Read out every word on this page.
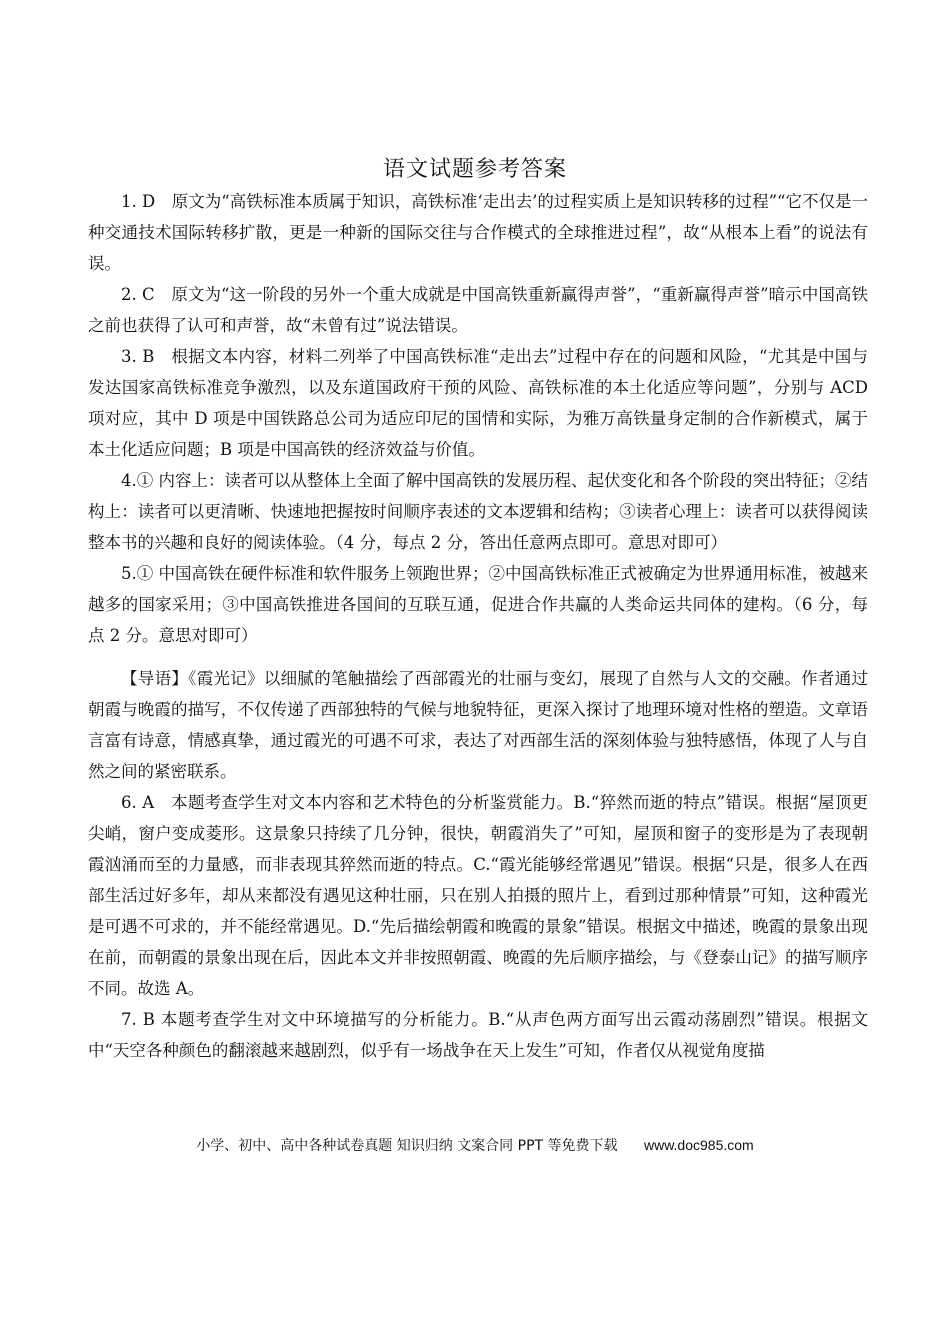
语文试题参考答案

1. D　原文为“高铁标准本质属于知识，高铁标准‘走出去’的过程实质上是知识转移的过程”“它不仅是一种交通技术国际转移扩散，更是一种新的国际交往与合作模式的全球推进过程”，故“从根本上看”的说法有误。

2. C　原文为“这一阶段的另外一个重大成就是中国高铁重新赢得声誉”，“重新赢得声誉”暗示中国高铁之前也获得了认可和声誉，故“未曾有过”说法错误。

3. B　根据文本内容，材料二列举了中国高铁标准“走出去”过程中存在的问题和风险，“尤其是中国与发达国家高铁标准竞争激烈，以及东道国政府干预的风险、高铁标准的本土化适应等问题”，分别与 ACD 项对应，其中 D 项是中国铁路总公司为适应印尼的国情和实际，为雅万高铁量身定制的合作新模式，属于本土化适应问题；B 项是中国高铁的经济效益与价值。

4.① 内容上：读者可以从整体上全面了解中国高铁的发展历程、起伏变化和各个阶段的突出特征；②结构上：读者可以更清晰、快速地把握按时间顺序表述的文本逻辑和结构；③读者心理上：读者可以获得阅读整本书的兴趣和良好的阅读体验。（4 分，每点 2 分，答出任意两点即可。意思对即可）

5.① 中国高铁在硬件标准和软件服务上领跑世界；②中国高铁标准正式被确定为世界通用标准，被越来越多的国家采用；③中国高铁推进各国间的互联互通，促进合作共赢的人类命运共同体的建构。（6 分，每点 2 分。意思对即可）

【导语】《霞光记》以细腻的笔触描绘了西部霞光的壮丽与变幻，展现了自然与人文的交融。作者通过朝霞与晚霞的描写，不仅传递了西部独特的气候与地貌特征，更深入探讨了地理环境对性格的塑造。文章语言富有诗意，情感真挚，通过霞光的可遇不可求，表达了对西部生活的深刻体验与独特感悟，体现了人与自然之间的紧密联系。

6. A　本题考查学生对文本内容和艺术特色的分析鉴赏能力。B.“猝然而逝的特点”错误。根据“屋顶更尖峭，窗户变成菱形。这景象只持续了几分钟，很快，朝霞消失了”可知，屋顶和窗子的变形是为了表现朝霞汹涌而至的力量感，而非表现其猝然而逝的特点。C.“霞光能够经常遇见”错误。根据“只是，很多人在西部生活过好多年，却从来都没有遇见这种壮丽，只在别人拍摄的照片上，看到过那种情景”可知，这种霞光是可遇不可求的，并不能经常遇见。D.“先后描绘朝霞和晚霞的景象”错误。根据文中描述，晚霞的景象出现在前，而朝霞的景象出现在后，因此本文并非按照朝霞、晚霞的先后顺序描绘，与《登泰山记》的描写顺序不同。故选 A。

7. B 本题考查学生对文中环境描写的分析能力。B.“从声色两方面写出云霞动荡剧烈”错误。根据文中“天空各种颜色的翻滚越来越剧烈，似乎有一场战争在天上发生”可知，作者仅从视觉角度描

小学、初中、高中各种试卷真题 知识归纳 文案合同 PPT 等免费下载 www.doc985.com
